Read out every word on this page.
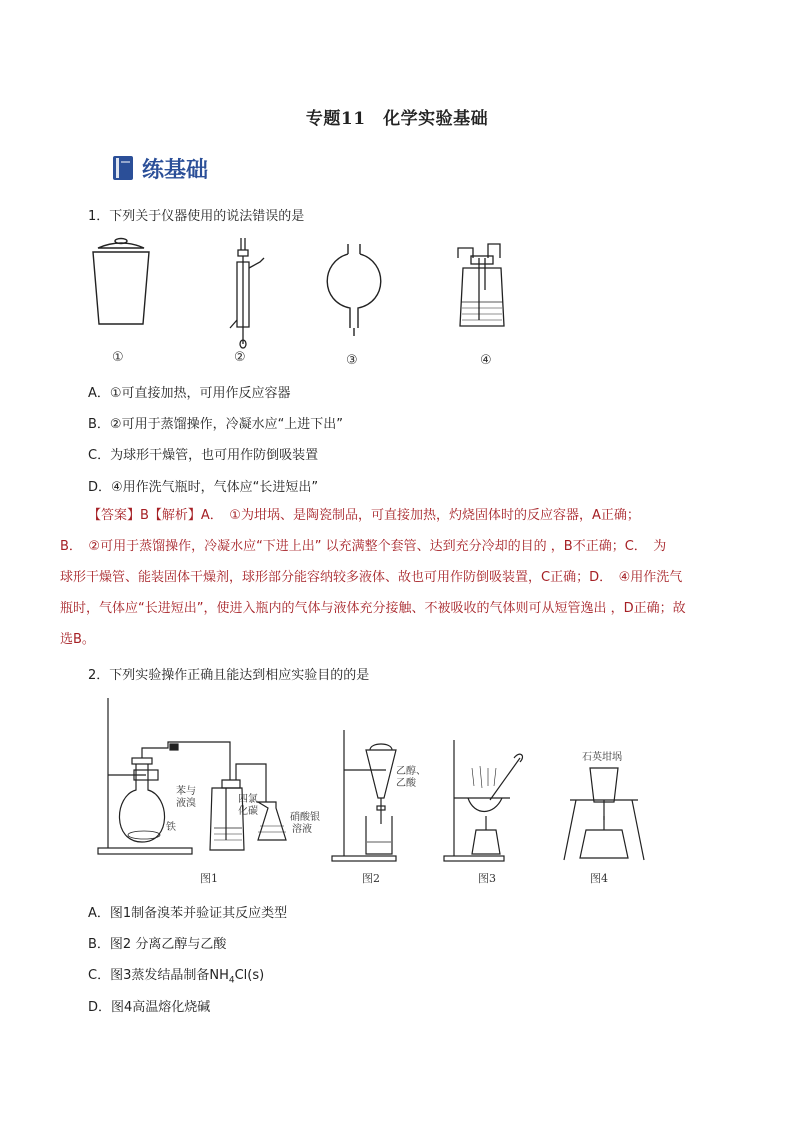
专题11　化学实验基础
练基础
1．下列关于仪器使用的说法错误的是
①	②	③	④
A．①可直接加热，可用作反应容器
B．②可用于蒸馏操作，冷凝水应“上进下出”
C．为球形干燥管，也可用作防倒吸装置
D．④用作洗气瓶时，气体应“长进短出”
【答案】B【解析】A．　①为坩埚、是陶瓷制品，可直接加热，灼烧固体时的反应容器，A正确；
B．　②可用于蒸馏操作，冷凝水应“下进上出” 以充满整个套管、达到充分冷却的目的 ，B不正确；C．　为
球形干燥管、能装固体干燥剂，球形部分能容纳较多液体、故也可用作防倒吸装置，C正确；D．　④用作洗气
瓶时，气体应“长进短出”，使进入瓶内的气体与液体充分接触、不被吸收的气体则可从短管逸出 ，D正确；故
选B。
2．下列实验操作正确且能达到相应实验目的的是
苯与
液溴
铁
四氯
化碳
硝酸银
溶液
乙醇、
乙酸
石英坩埚
图1	图2	图3	图4
A．图1制备溴苯并验证其反应类型
B．图2 分离乙醇与乙酸
C．图3蒸发结晶制备$NH_4Cl(s)$
D．图4高温熔化烧碱
